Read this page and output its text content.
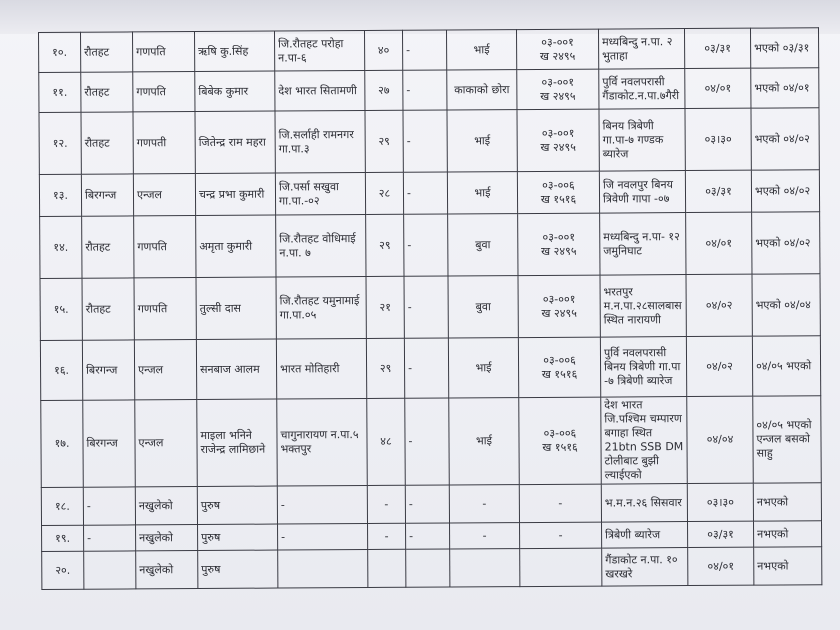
१०.	रौतहट	गणपति	ऋषि कु.सिंह	जि.रौतहट परोहा न.पा-६	४०	-	भाई	०३-००१
ख २४९५	मध्यबिन्दु न.पा. २ भुताहा	०३/३१	भएको ०३/३१
११.	रौतहट	गणपति	बिबेक कुमार	देश भारत सितामणी	२७	-	काकाको छोरा	०३-००१
ख २४९५	पुर्वि नवलपरासी गैंडाकोट.न.पा.७गैरी	०४/०१	भएको ०४/०१
१२.	रौतहट	गणपती	जितेन्द्र राम महरा	जि.सर्लाही रामनगर गा.पा.३	२९	-	भाई	०३-००१
ख २४९५	बिनय त्रिबेणी गा.पा-७ गण्डक ब्यारेज	०३।३०	भएको ०४/०२
१३.	बिरगन्ज	एन्जल	चन्द्र प्रभा कुमारी	जि.पर्सा सखुवा गा.पा.-०२	२८	-	भाई	०३-००६
ख १५१६	जि नवलपुर बिनय त्रिवेणी गापा -०७	०३/३१	भएको ०४/०२
१४.	रौतहट	गणपति	अमृता कुमारी	जि.रौतहट वोधिमाई न.पा. ७	२९	-	बुवा	०३-००१
ख २४९५	मध्यबिन्दु न.पा- १२ जमुनिघाट	०४/०१	भएको ०४/०२
१५.	रौतहट	गणपति	तुल्सी दास	जि.रौतहट यमुनामाई गा.पा.०५	२१	-	बुवा	०३-००१
ख २४९५	भरतपुर म.न.पा.२८सालबास स्थित नारायणी	०४/०२	भएको ०४/०४
१६.	बिरगन्ज	एन्जल	सनबाज आलम	भारत मोतिहारी	२९	-	भाई	०३-००६
ख १५१६	पुर्वि नवलपरासी बिनय त्रिबेणी गा.पा -७ त्रिबेणी ब्यारेज	०४/०२	०४/०५ भएको
१७.	बिरगन्ज	एन्जल	माइला भनिने राजेन्द्र लामिछाने	चागुनारायण न.पा.५ भक्तपुर	४८	-	भाई	०३-००६
ख १५१६	देश भारत जि.पश्चिम चम्पारण बगाहा स्थित 21btn SSB DM टोलीबाट बुझी ल्याईएको	०४/०४	०४/०५ भएको एन्जल बसको साहु
१८.	-	नखुलेको	पुरुष	-	-	-	-	-	भ.म.न.२६ सिसवार	०३।३०	नभएको
१९.	-	नखुलेको	पुरुष	-	-	-	-	-	त्रिबेणी ब्यारेज	०३/३१	नभएको
२०.		नखुलेको	पुरुष						गैंडाकोट न.पा. १० खरखरे	०४/०१	नभएको
